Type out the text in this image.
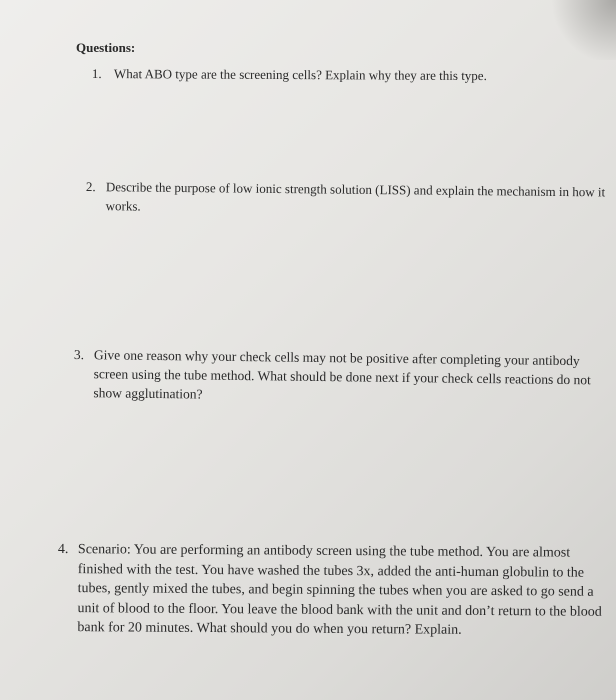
Questions:
1. What ABO type are the screening cells? Explain why they are this type.
2. Describe the purpose of low ionic strength solution (LISS) and explain the mechanism in how it works.
3. Give one reason why your check cells may not be positive after completing your antibody screen using the tube method. What should be done next if your check cells reactions do not show agglutination?
4. Scenario: You are performing an antibody screen using the tube method. You are almost finished with the test. You have washed the tubes 3x, added the anti-human globulin to the tubes, gently mixed the tubes, and begin spinning the tubes when you are asked to go send a unit of blood to the floor. You leave the blood bank with the unit and don’t return to the blood bank for 20 minutes. What should you do when you return? Explain.
